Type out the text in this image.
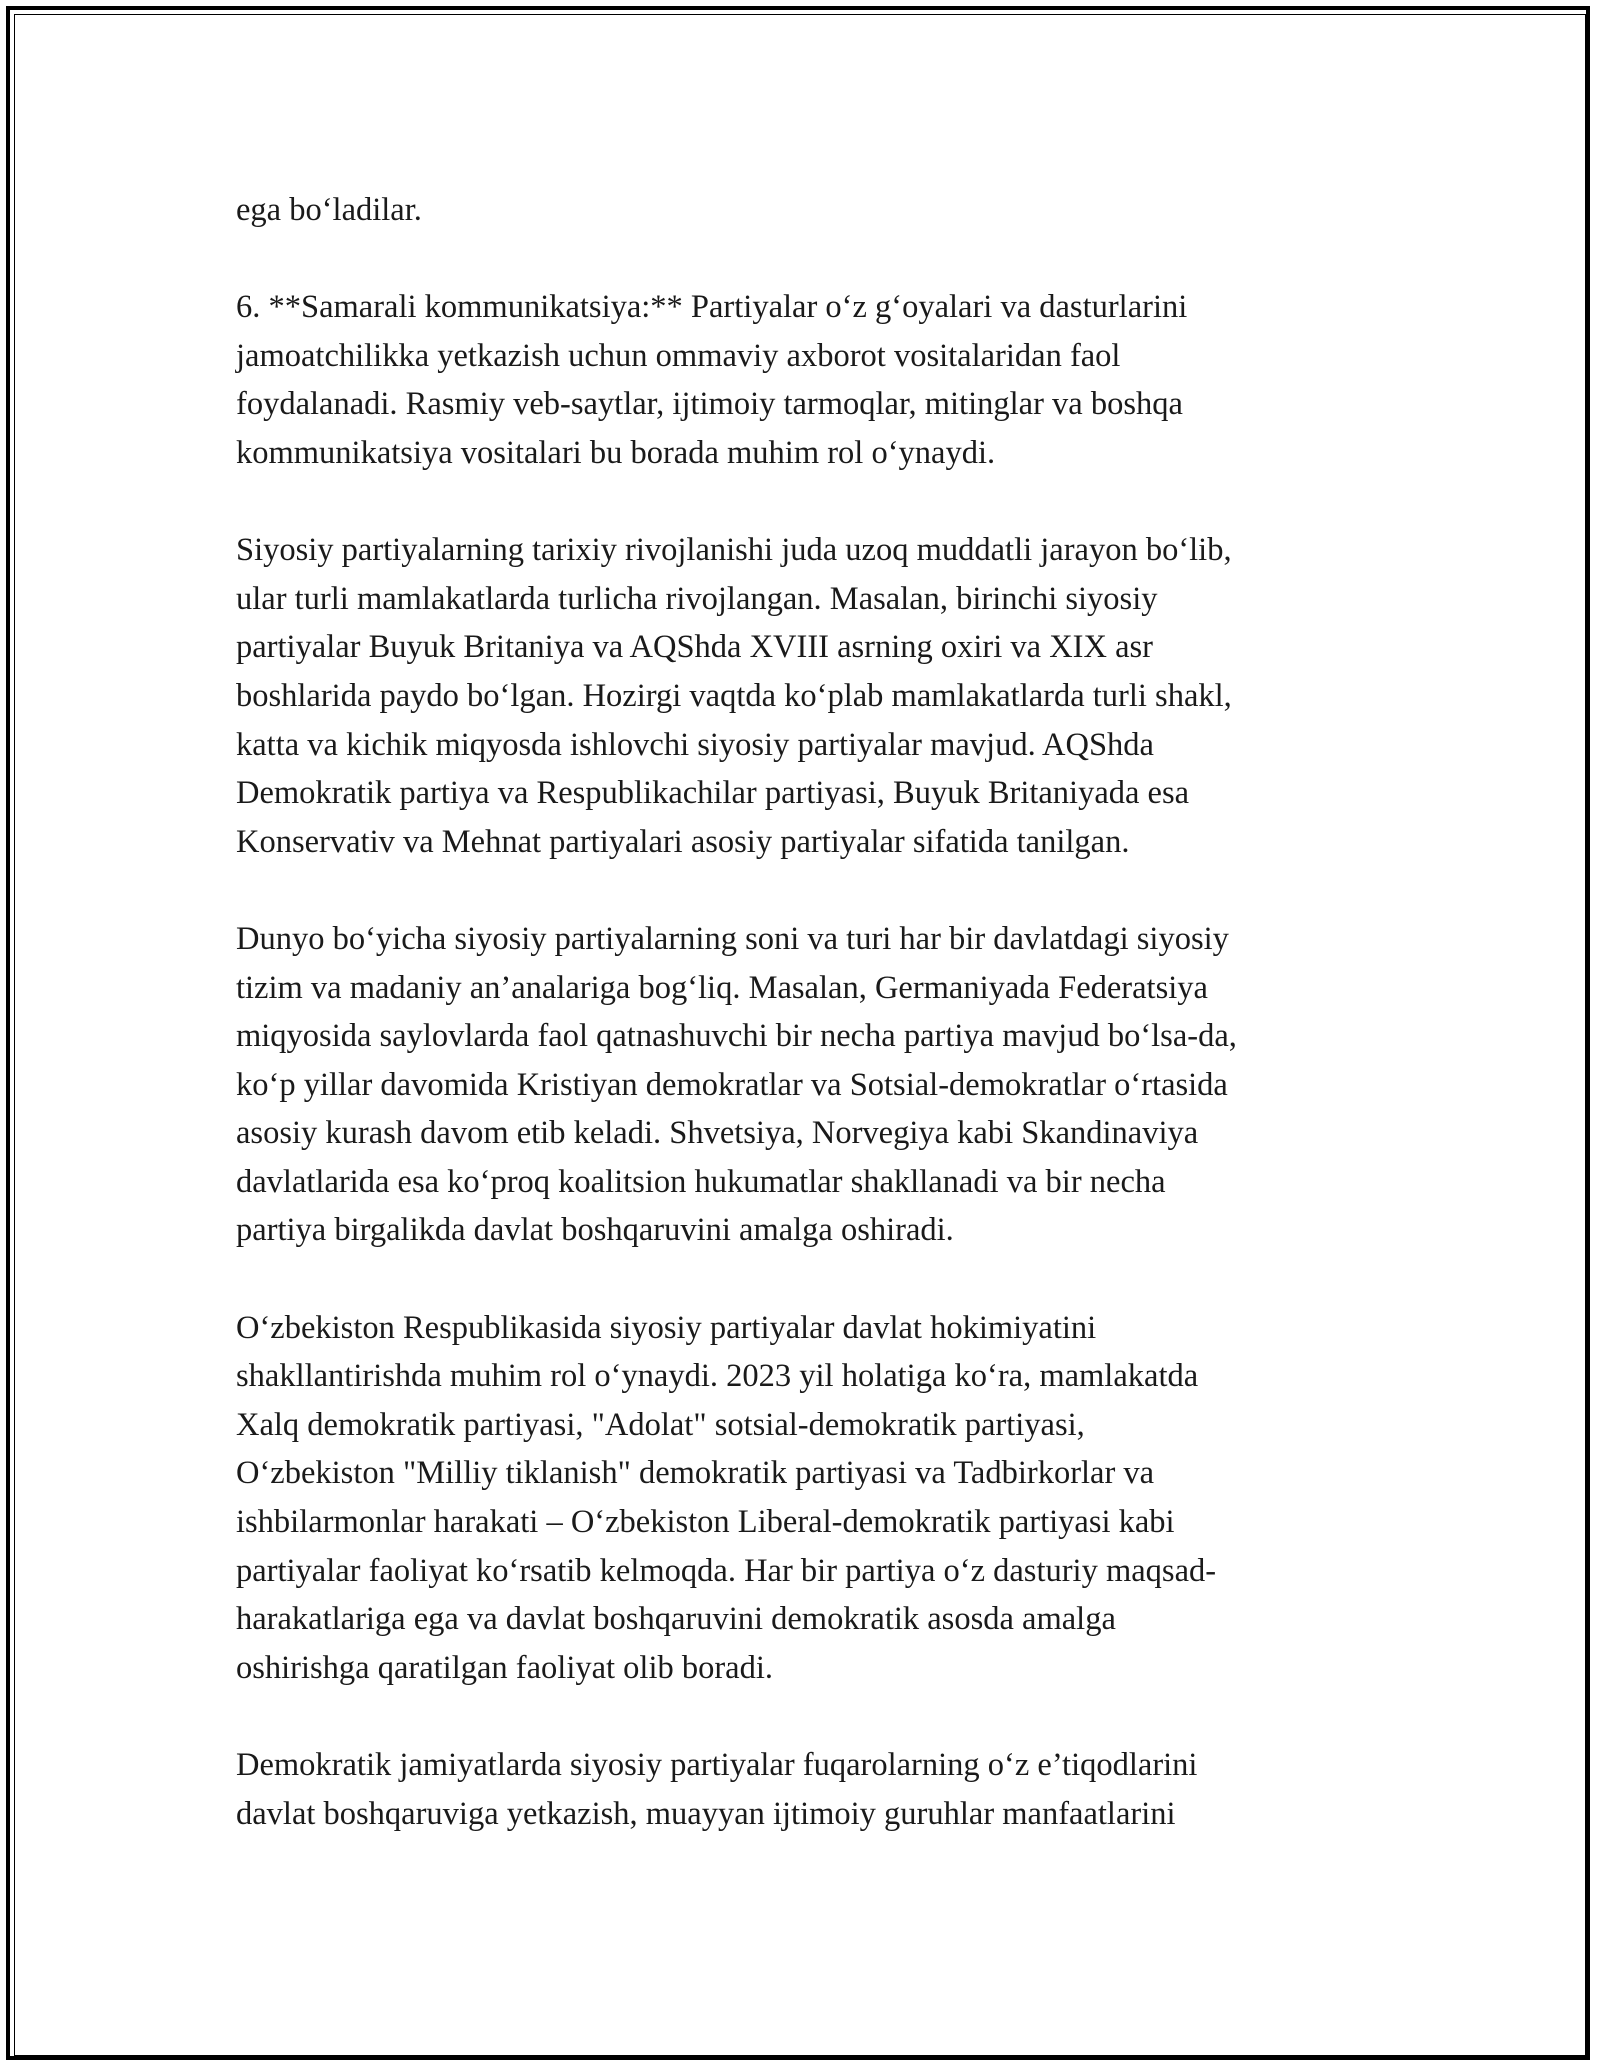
ega bo‘ladilar.

6. **Samarali kommunikatsiya:** Partiyalar o‘z g‘oyalari va dasturlarini
jamoatchilikka yetkazish uchun ommaviy axborot vositalaridan faol
foydalanadi. Rasmiy veb-saytlar, ijtimoiy tarmoqlar, mitinglar va boshqa
kommunikatsiya vositalari bu borada muhim rol o‘ynaydi.

Siyosiy partiyalarning tarixiy rivojlanishi juda uzoq muddatli jarayon bo‘lib,
ular turli mamlakatlarda turlicha rivojlangan. Masalan, birinchi siyosiy
partiyalar Buyuk Britaniya va AQShda XVIII asrning oxiri va XIX asr
boshlarida paydo bo‘lgan. Hozirgi vaqtda ko‘plab mamlakatlarda turli shakl,
katta va kichik miqyosda ishlovchi siyosiy partiyalar mavjud. AQShda
Demokratik partiya va Respublikachilar partiyasi, Buyuk Britaniyada esa
Konservativ va Mehnat partiyalari asosiy partiyalar sifatida tanilgan.

Dunyo bo‘yicha siyosiy partiyalarning soni va turi har bir davlatdagi siyosiy
tizim va madaniy an’analariga bog‘liq. Masalan, Germaniyada Federatsiya
miqyosida saylovlarda faol qatnashuvchi bir necha partiya mavjud bo‘lsa-da,
ko‘p yillar davomida Kristiyan demokratlar va Sotsial-demokratlar o‘rtasida
asosiy kurash davom etib keladi. Shvetsiya, Norvegiya kabi Skandinaviya
davlatlarida esa ko‘proq koalitsion hukumatlar shakllanadi va bir necha
partiya birgalikda davlat boshqaruvini amalga oshiradi.

O‘zbekiston Respublikasida siyosiy partiyalar davlat hokimiyatini
shakllantirishda muhim rol o‘ynaydi. 2023 yil holatiga ko‘ra, mamlakatda
Xalq demokratik partiyasi, "Adolat" sotsial-demokratik partiyasi,
O‘zbekiston "Milliy tiklanish" demokratik partiyasi va Tadbirkorlar va
ishbilarmonlar harakati – O‘zbekiston Liberal-demokratik partiyasi kabi
partiyalar faoliyat ko‘rsatib kelmoqda. Har bir partiya o‘z dasturiy maqsad-
harakatlariga ega va davlat boshqaruvini demokratik asosda amalga
oshirishga qaratilgan faoliyat olib boradi.

Demokratik jamiyatlarda siyosiy partiyalar fuqarolarning o‘z e’tiqodlarini
davlat boshqaruviga yetkazish, muayyan ijtimoiy guruhlar manfaatlarini
